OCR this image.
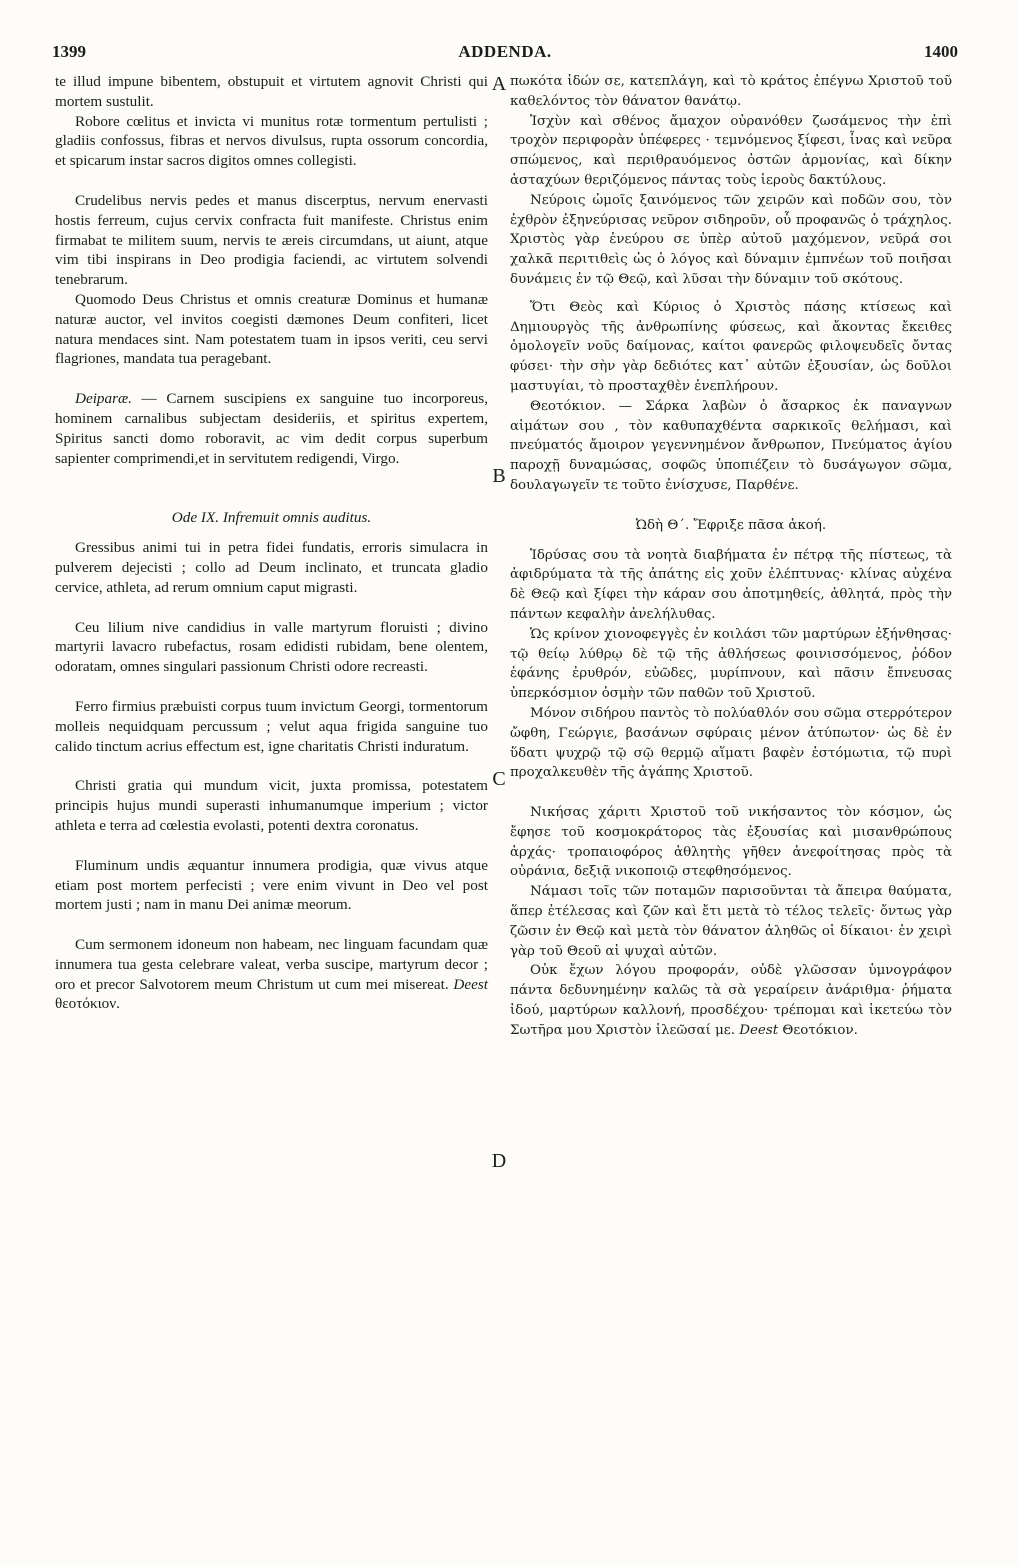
1399	ADDENDA.	1400
A
B
C
D

te illud impune bibentem, obstupuit et virtutem agnovit Christi qui mortem sustulit.

Robore cœlitus et invicta vi munitus rotæ tormentum pertulisti ; gladiis confossus, fibras et nervos divulsus, rupta ossorum concordia, et spicarum instar sacros digitos omnes collegisti.

Crudelibus nervis pedes et manus discerptus, nervum enervasti hostis ferreum, cujus cervix confracta fuit manifeste. Christus enim firmabat te militem suum, nervis te æreis circumdans, ut aiunt, atque vim tibi inspirans in Deo prodigia faciendi, ac virtutem solvendi tenebrarum.

Quomodo Deus Christus et omnis creaturæ Dominus et humanæ naturæ auctor, vel invitos coegisti dæmones Deum confiteri, licet natura mendaces sint. Nam potestatem tuam in ipsos veriti, ceu servi flagriones, mandata tua peragebant.

Deiparæ. — Carnem suscipiens ex sanguine tuo incorporeus, hominem carnalibus subjectam desideriis, et spiritus expertem, Spiritus sancti domo roboravit, ac vim dedit corpus superbum sapienter comprimendi,et in servitutem redigendi, Virgo.

Ode IX. Infremuit omnis auditus.

Gressibus animi tui in petra fidei fundatis, erroris simulacra in pulverem dejecisti ; collo ad Deum inclinato, et truncata gladio cervice, athleta, ad rerum omnium caput migrasti.

Ceu lilium nive candidius in valle martyrum floruisti ; divino martyrii lavacro rubefactus, rosam edidisti rubidam, bene olentem, odoratam, omnes singulari passionum Christi odore recreasti.

Ferro firmius præbuisti corpus tuum invictum Georgi, tormentorum molleis nequidquam percussum ; velut aqua frigida sanguine tuo calido tinctum acrius effectum est, igne charitatis Christi induratum.

Christi gratia qui mundum vicit, juxta promissa, potestatem principis hujus mundi superasti inhumanumque imperium ; victor athleta e terra ad cœlestia evolasti, potenti dextra coronatus.

Fluminum undis æquantur innumera prodigia, quæ vivus atque etiam post mortem perfecisti ; vere enim vivunt in Deo vel post mortem justi ; nam in manu Dei animæ meorum.

Cum sermonem idoneum non habeam, nec linguam facundam quæ innumera tua gesta celebrare valeat, verba suscipe, martyrum decor ; oro et precor Salvotorem meum Christum ut cum mei misereat. Deest θεοτόκιον.

πωκότα ἰδών σε, κατεπλάγη, καὶ τὸ κράτος ἐπέγνω Χριστοῦ τοῦ καθελόντος τὸν θάνατον θανάτῳ.

Ἰσχὺν καὶ σθένος ἄμαχον οὐρανόθεν ζωσάμενος τὴν ἐπὶ τροχὸν περιφορὰν ὑπέφερες · τεμνόμενος ξίφεσι, ἶνας καὶ νεῦρα σπώμενος, καὶ περιθραυόμενος ὀστῶν ἁρμονίας, καὶ δίκην ἀσταχύων θεριζόμενος πάντας τοὺς ἱεροὺς δακτύλους.

Νεύροις ὠμοῖς ξαινόμενος τῶν χειρῶν καὶ ποδῶν σου, τὸν ἐχθρὸν ἐξηνεύρισας νεῦρον σιδηροῦν, οὗ προφανῶς ὁ τράχηλος. Χριστὸς γὰρ ἐνεύρου σε ὑπὲρ αὐτοῦ μαχόμενον, νεῦρά σοι χαλκᾶ περιτιθεὶς ὡς ὁ λόγος καὶ δύναμιν ἐμπνέων τοῦ ποιῆσαι δυνάμεις ἐν τῷ Θεῷ, καὶ λῦσαι τὴν δύναμιν τοῦ σκότους.

Ὅτι Θεὸς καὶ Κύριος ὁ Χριστὸς πάσης κτίσεως καὶ Δημιουργὸς τῆς ἀνθρωπίνης φύσεως, καὶ ἄκοντας ἔκειθες ὁμολογεῖν νοῦς δαίμονας, καίτοι φανερῶς φιλοψευδεῖς ὄντας φύσει· τὴν σὴν γὰρ δεδιότες κατ᾽ αὐτῶν ἐξουσίαν, ὡς δοῦλοι μαστυγίαι, τὸ προσταχθὲν ἐνεπλήρουν.

Θεοτόκιον. — Σάρκα λαβὼν ὁ ἄσαρκος ἐκ παναγνων αἱμάτων σου , τὸν καθυπαχθέντα σαρκικοῖς θελήμασι, καὶ πνεύματός ἄμοιρον γεγεννημένον ἄνθρωπον, Πνεύματος ἁγίου παροχῇ δυναμώσας, σοφῶς ὑποπιέζειν τὸ δυσάγωγον σῶμα, δουλαγωγεῖν τε τοῦτο ἐνίσχυσε, Παρθένε.

Ὠδὴ Θ΄. Ἔφριξε πᾶσα ἀκοή.

Ἱδρύσας σου τὰ νοητὰ διαβήματα ἐν πέτρᾳ τῆς πίστεως, τὰ ἀφιδρύματα τὰ τῆς ἀπάτης εἰς χοῦν ἐλέπτυνας· κλίνας αὐχένα δὲ Θεῷ καὶ ξίφει τὴν κάραν σου ἀποτμηθείς, ἀθλητά, πρὸς τὴν πάντων κεφαλὴν ἀνελήλυθας.

Ὡς κρίνον χιονοφεγγὲς ἐν κοιλάσι τῶν μαρτύρων ἐξήνθησας· τῷ θείῳ λύθρῳ δὲ τῷ τῆς ἀθλήσεως φοινισσόμενος, ῥόδον ἐφάνης ἐρυθρόν, εὐῶδες, μυρίπνουν, καὶ πᾶσιν ἔπνευσας ὑπερκόσμιον ὀσμὴν τῶν παθῶν τοῦ Χριστοῦ.

Μόνον σιδήρου παντὸς τὸ πολύαθλόν σου σῶμα στερρότερον ὤφθη, Γεώργιε, βασάνων σφύραις μένον ἀτύπωτον· ὡς δὲ ἐν ὕδατι ψυχρῷ τῷ σῷ θερμῷ αἵματι βαφὲν ἐστόμωτια, τῷ πυρὶ προχαλκευθὲν τῆς ἀγάπης Χριστοῦ.

Νικήσας χάριτι Χριστοῦ τοῦ νικήσαντος τὸν κόσμον, ὡς ἔφησε τοῦ κοσμοκράτορος τὰς ἐξουσίας καὶ μισανθρώπους ἀρχάς· τροπαιοφόρος ἀθλητὴς γῆθεν ἀνεφοίτησας πρὸς τὰ οὐράνια, δεξιᾷ νικοποιῷ στεφθησόμενος.

Νάμασι τοῖς τῶν ποταμῶν παρισοῦνται τὰ ἄπειρα θαύματα, ἅπερ ἐτέλεσας καὶ ζῶν καὶ ἔτι μετὰ τὸ τέλος τελεῖς· ὄντως γὰρ ζῶσιν ἐν Θεῷ καὶ μετὰ τὸν θάνατον ἀληθῶς οἱ δίκαιοι· ἐν χειρὶ γὰρ τοῦ Θεοῦ αἱ ψυχαὶ αὐτῶν.

Οὐκ ἔχων λόγου προφοράν, οὐδὲ γλῶσσαν ὑμνογράφον πάντα δεδυνημένην καλῶς τὰ σὰ γεραίρειν ἀνάριθμα· ῥήματα ἰδού, μαρτύρων καλλονή, προσδέχου· τρέπομαι καὶ ἱκετεύω τὸν Σωτῆρα μου Χριστὸν ἱλεῶσαί με. Deest Θεοτόκιον.
